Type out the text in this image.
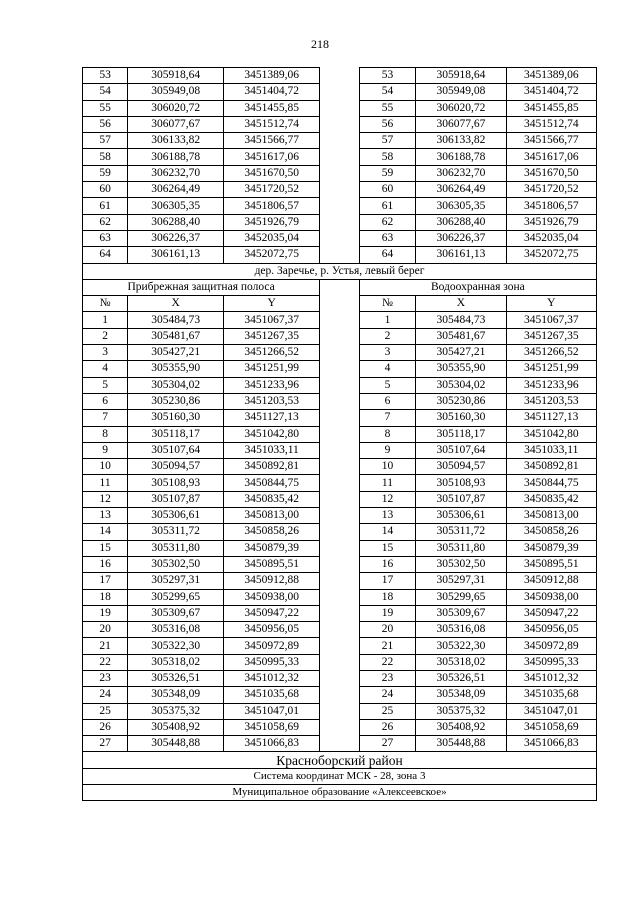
218
53	305918,64	3451389,06		53	305918,64	3451389,06
54	305949,08	3451404,72		54	305949,08	3451404,72
55	306020,72	3451455,85		55	306020,72	3451455,85
56	306077,67	3451512,74		56	306077,67	3451512,74
57	306133,82	3451566,77		57	306133,82	3451566,77
58	306188,78	3451617,06		58	306188,78	3451617,06
59	306232,70	3451670,50		59	306232,70	3451670,50
60	306264,49	3451720,52		60	306264,49	3451720,52
61	306305,35	3451806,57		61	306305,35	3451806,57
62	306288,40	3451926,79		62	306288,40	3451926,79
63	306226,37	3452035,04		63	306226,37	3452035,04
64	306161,13	3452072,75		64	306161,13	3452072,75
дер. Заречье, р. Устья, левый берег						
Прибрежная защитная полоса				Водоохранная зона		
№	X	Y		№	X	Y
1	305484,73	3451067,37		1	305484,73	3451067,37
2	305481,67	3451267,35		2	305481,67	3451267,35
3	305427,21	3451266,52		3	305427,21	3451266,52
4	305355,90	3451251,99		4	305355,90	3451251,99
5	305304,02	3451233,96		5	305304,02	3451233,96
6	305230,86	3451203,53		6	305230,86	3451203,53
7	305160,30	3451127,13		7	305160,30	3451127,13
8	305118,17	3451042,80		8	305118,17	3451042,80
9	305107,64	3451033,11		9	305107,64	3451033,11
10	305094,57	3450892,81		10	305094,57	3450892,81
11	305108,93	3450844,75		11	305108,93	3450844,75
12	305107,87	3450835,42		12	305107,87	3450835,42
13	305306,61	3450813,00		13	305306,61	3450813,00
14	305311,72	3450858,26		14	305311,72	3450858,26
15	305311,80	3450879,39		15	305311,80	3450879,39
16	305302,50	3450895,51		16	305302,50	3450895,51
17	305297,31	3450912,88		17	305297,31	3450912,88
18	305299,65	3450938,00		18	305299,65	3450938,00
19	305309,67	3450947,22		19	305309,67	3450947,22
20	305316,08	3450956,05		20	305316,08	3450956,05
21	305322,30	3450972,89		21	305322,30	3450972,89
22	305318,02	3450995,33		22	305318,02	3450995,33
23	305326,51	3451012,32		23	305326,51	3451012,32
24	305348,09	3451035,68		24	305348,09	3451035,68
25	305375,32	3451047,01		25	305375,32	3451047,01
26	305408,92	3451058,69		26	305408,92	3451058,69
27	305448,88	3451066,83		27	305448,88	3451066,83
Красноборский район						
Система координат МСК - 28, зона 3						
Муниципальное образование «Алексеевское»						
